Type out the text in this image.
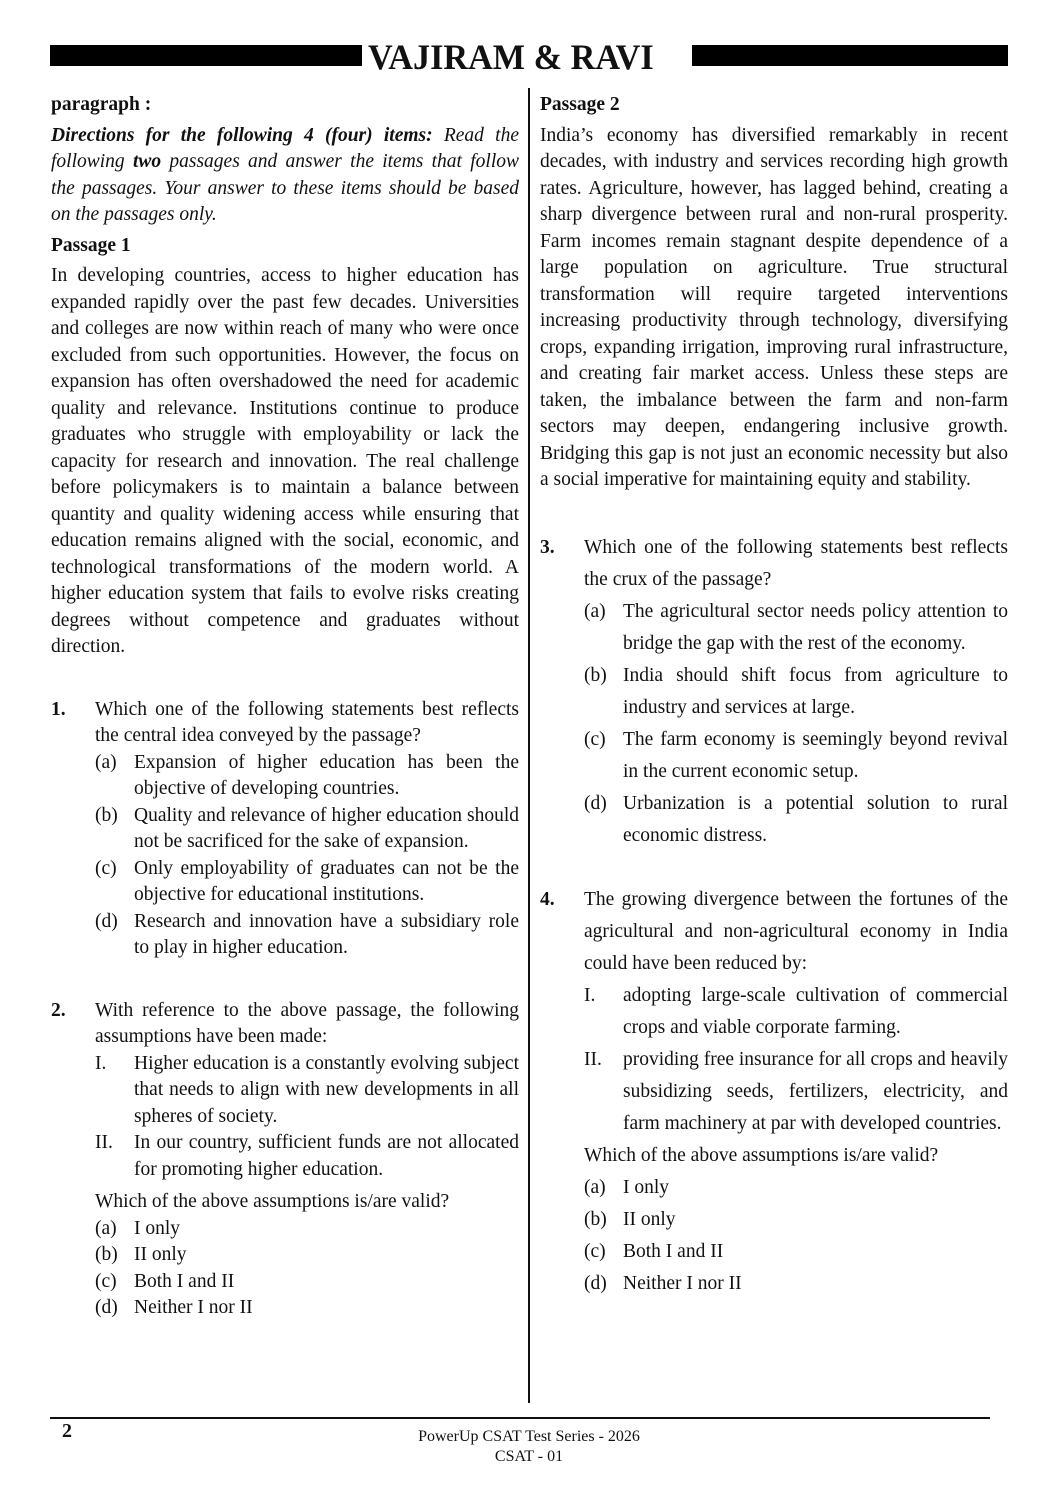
VAJIRAM & RAVI

paragraph :

Directions for the following 4 (four) items: Read the following two passages and answer the items that follow the passages. Your answer to these items should be based on the passages only.

Passage 1

In developing countries, access to higher education has expanded rapidly over the past few decades. Universities and colleges are now within reach of many who were once excluded from such opportunities. However, the focus on expansion has often overshadowed the need for academic quality and relevance. Institutions continue to produce graduates who struggle with employability or lack the capacity for research and innovation. The real challenge before policymakers is to maintain a balance between quantity and quality widening access while ensuring that education remains aligned with the social, economic, and technological transformations of the modern world. A higher education system that fails to evolve risks creating degrees without competence and graduates without direction.

1. Which one of the following statements best reflects the central idea conveyed by the passage?

(a) Expansion of higher education has been the objective of developing countries.
(b) Quality and relevance of higher education should not be sacrificed for the sake of expansion.
(c) Only employability of graduates can not be the objective for educational institutions.
(d) Research and innovation have a subsidiary role to play in higher education.
2. With reference to the above passage, the following assumptions have been made:

I. Higher education is a constantly evolving subject that needs to align with new developments in all spheres of society.
II. In our country, sufficient funds are not allocated for promoting higher education.

Which of the above assumptions is/are valid?

(a) I only
(b) II only
(c) Both I and II
(d) Neither I nor II

Passage 2

India’s economy has diversified remarkably in recent decades, with industry and services recording high growth rates. Agriculture, however, has lagged behind, creating a sharp divergence between rural and non-rural prosperity. Farm incomes remain stagnant despite dependence of a large population on agriculture. True structural transformation will require targeted interventions increasing productivity through technology, diversifying crops, expanding irrigation, improving rural infrastructure, and creating fair market access. Unless these steps are taken, the imbalance between the farm and non-farm sectors may deepen, endangering inclusive growth. Bridging this gap is not just an economic necessity but also a social imperative for maintaining equity and stability.

3. Which one of the following statements best reflects the crux of the passage?

(a) The agricultural sector needs policy attention to bridge the gap with the rest of the economy.
(b) India should shift focus from agriculture to industry and services at large.
(c) The farm economy is seemingly beyond revival in the current economic setup.
(d) Urbanization is a potential solution to rural economic distress.
4. The growing divergence between the fortunes of the agricultural and non-agricultural economy in India could have been reduced by:

I. adopting large-scale cultivation of commercial crops and viable corporate farming.
II. providing free insurance for all crops and heavily subsidizing seeds, fertilizers, electricity, and farm machinery at par with developed countries.

Which of the above assumptions is/are valid?

(a) I only
(b) II only
(c) Both I and II
(d) Neither I nor II
2	PowerUp CSAT Test Series - 2026
CSAT - 01
